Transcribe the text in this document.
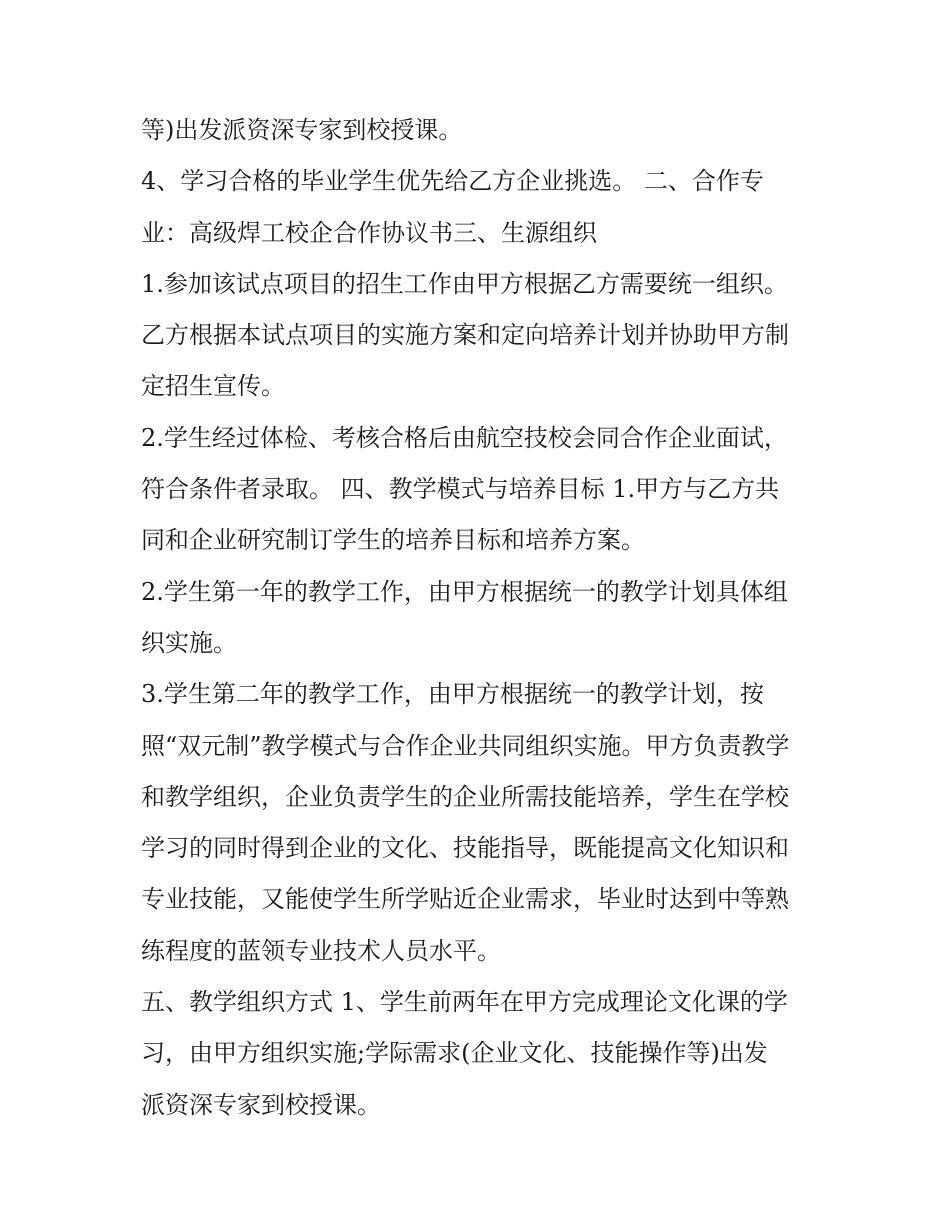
等)出发派资深专家到校授课。

4、学习合格的毕业学生优先给乙方企业挑选。 二、合作专

业：高级焊工校企合作协议书三、生源组织

1.参加该试点项目的招生工作由甲方根据乙方需要统一组织。

乙方根据本试点项目的实施方案和定向培养计划并协助甲方制

定招生宣传。

2.学生经过体检、考核合格后由航空技校会同合作企业面试，

符合条件者录取。 四、教学模式与培养目标 1.甲方与乙方共

同和企业研究制订学生的培养目标和培养方案。

2.学生第一年的教学工作，由甲方根据统一的教学计划具体组

织实施。

3.学生第二年的教学工作，由甲方根据统一的教学计划，按

照“双元制”教学模式与合作企业共同组织实施。甲方负责教学

和教学组织，企业负责学生的企业所需技能培养，学生在学校

学习的同时得到企业的文化、技能指导，既能提高文化知识和

专业技能，又能使学生所学贴近企业需求，毕业时达到中等熟

练程度的蓝领专业技术人员水平。

五、教学组织方式 1、学生前两年在甲方完成理论文化课的学

习，由甲方组织实施;学际需求(企业文化、技能操作等)出发

派资深专家到校授课。
